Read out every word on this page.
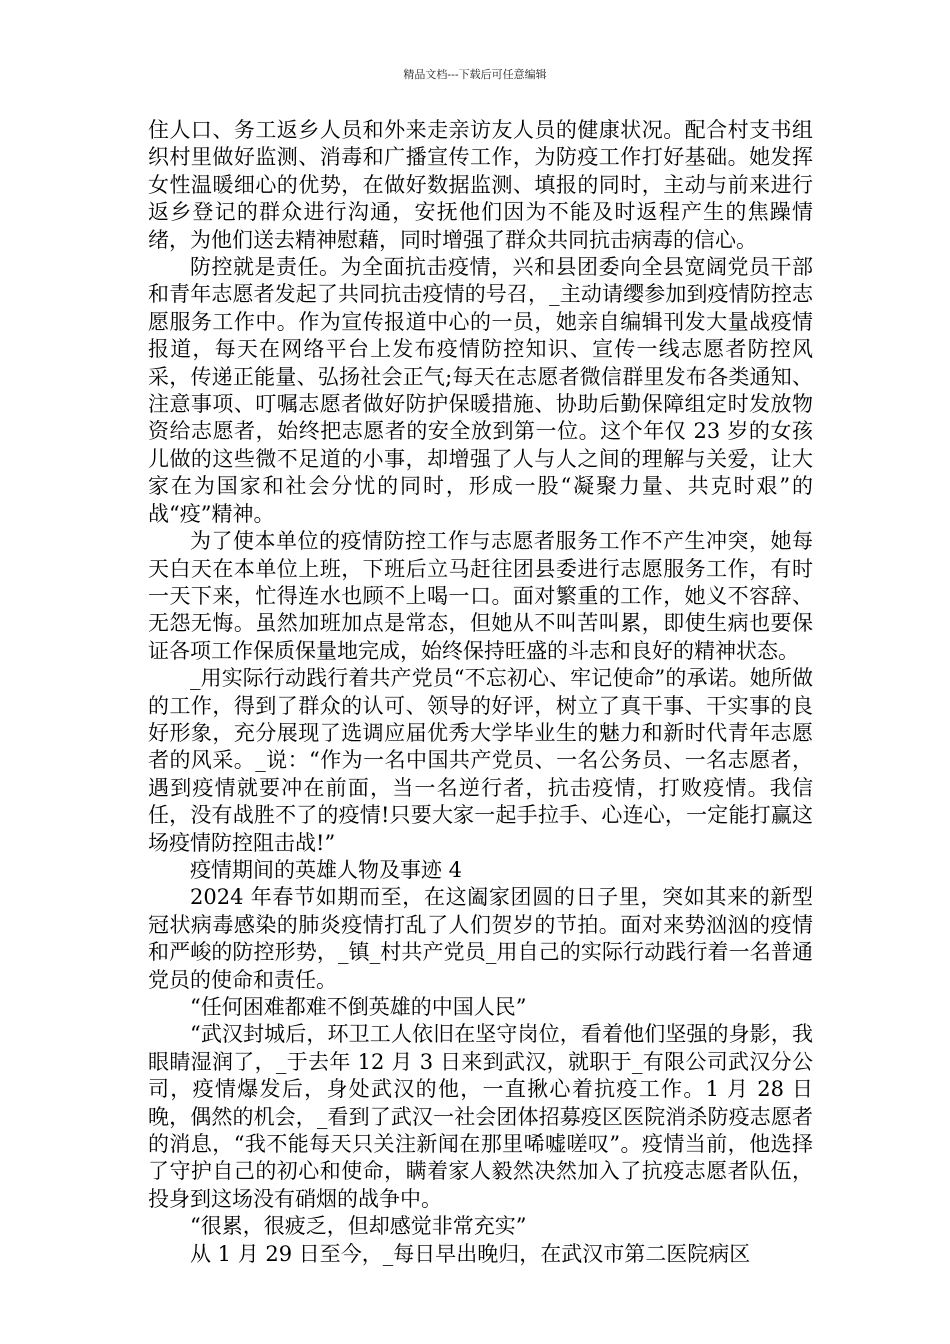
精品文档---下载后可任意编辑

住人口、务工返乡人员和外来走亲访友人员的健康状况。配合村支书组织村里做好监测、消毒和广播宣传工作，为防疫工作打好基础。她发挥女性温暖细心的优势，在做好数据监测、填报的同时，主动与前来进行返乡登记的群众进行沟通，安抚他们因为不能及时返程产生的焦躁情绪，为他们送去精神慰藉，同时增强了群众共同抗击病毒的信心。

防控就是责任。为全面抗击疫情，兴和县团委向全县宽阔党员干部和青年志愿者发起了共同抗击疫情的号召，_主动请缨参加到疫情防控志愿服务工作中。作为宣传报道中心的一员，她亲自编辑刊发大量战疫情报道，每天在网络平台上发布疫情防控知识、宣传一线志愿者防控风采，传递正能量、弘扬社会正气;每天在志愿者微信群里发布各类通知、注意事项、叮嘱志愿者做好防护保暖措施、协助后勤保障组定时发放物资给志愿者，始终把志愿者的安全放到第一位。这个年仅 23 岁的女孩儿做的这些微不足道的小事，却增强了人与人之间的理解与关爱，让大家在为国家和社会分忧的同时，形成一股“凝聚力量、共克时艰”的战“疫”精神。

为了使本单位的疫情防控工作与志愿者服务工作不产生冲突，她每天白天在本单位上班，下班后立马赶往团县委进行志愿服务工作，有时一天下来，忙得连水也顾不上喝一口。面对繁重的工作，她义不容辞、无怨无悔。虽然加班加点是常态，但她从不叫苦叫累，即使生病也要保证各项工作保质保量地完成，始终保持旺盛的斗志和良好的精神状态。

_用实际行动践行着共产党员“不忘初心、牢记使命”的承诺。她所做的工作，得到了群众的认可、领导的好评，树立了真干事、干实事的良好形象，充分展现了选调应届优秀大学毕业生的魅力和新时代青年志愿者的风采。_说：“作为一名中国共产党员、一名公务员、一名志愿者，遇到疫情就要冲在前面，当一名逆行者，抗击疫情，打败疫情。我信任，没有战胜不了的疫情!只要大家一起手拉手、心连心，一定能打赢这场疫情防控阻击战!”

疫情期间的英雄人物及事迹 4

2024 年春节如期而至，在这阖家团圆的日子里，突如其来的新型冠状病毒感染的肺炎疫情打乱了人们贺岁的节拍。面对来势汹汹的疫情和严峻的防控形势，_镇_村共产党员_用自己的实际行动践行着一名普通党员的使命和责任。

“任何困难都难不倒英雄的中国人民”

“武汉封城后，环卫工人依旧在坚守岗位，看着他们坚强的身影，我眼睛湿润了，_于去年 12 月 3 日来到武汉，就职于_有限公司武汉分公司，疫情爆发后，身处武汉的他，一直揪心着抗疫工作。1 月 28 日晚，偶然的机会，_看到了武汉一社会团体招募疫区医院消杀防疫志愿者的消息，“我不能每天只关注新闻在那里唏嘘嗟叹”。疫情当前，他选择了守护自己的初心和使命，瞒着家人毅然决然加入了抗疫志愿者队伍，投身到这场没有硝烟的战争中。

“很累，很疲乏，但却感觉非常充实”

从 1 月 29 日至今，_每日早出晚归，在武汉市第二医院病区
